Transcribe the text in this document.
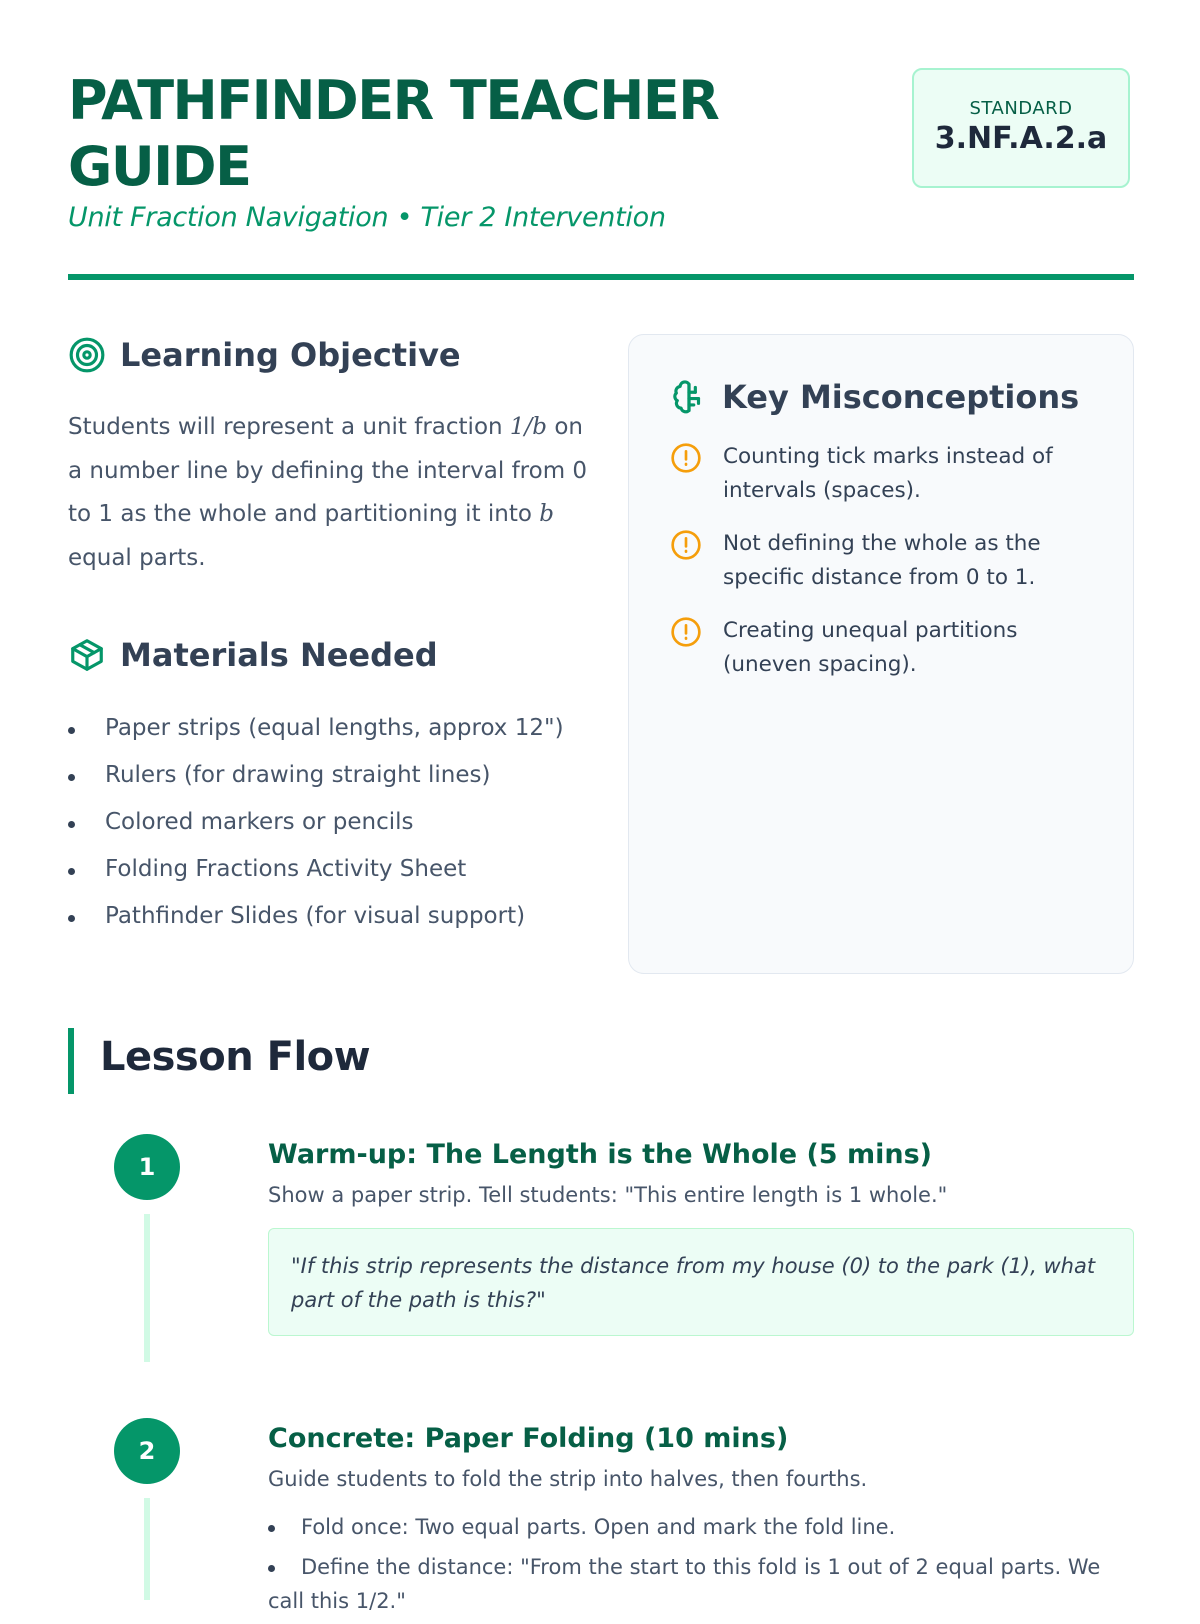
PATHFINDER TEACHER GUIDE
Unit Fraction Navigation • Tier 2 Intervention
STANDARD
3.NF.A.2.a
Learning Objective

Students will represent a unit fraction 1/b on a number line by defining the interval from 0 to 1 as the whole and partitioning it into b equal parts.

Materials Needed
Paper strips (equal lengths, approx 12")
Rulers (for drawing straight lines)
Colored markers or pencils
Folding Fractions Activity Sheet
Pathfinder Slides (for visual support)
Key Misconceptions
Counting tick marks instead of intervals (spaces).
Not defining the whole as the specific distance from 0 to 1.
Creating unequal partitions (uneven spacing).
Lesson Flow
1	Warm-up: The Length is the Whole (5 mins)
Show a paper strip. Tell students: "This entire length is 1 whole."
"If this strip represents the distance from my house (0) to the park (1), what part of the path is this?"
2	Concrete: Paper Folding (10 mins)
Guide students to fold the strip into halves, then fourths.
Fold once: Two equal parts. Open and mark the fold line.
Define the distance: "From the start to this fold is 1 out of 2 equal parts. We call this 1/2."
